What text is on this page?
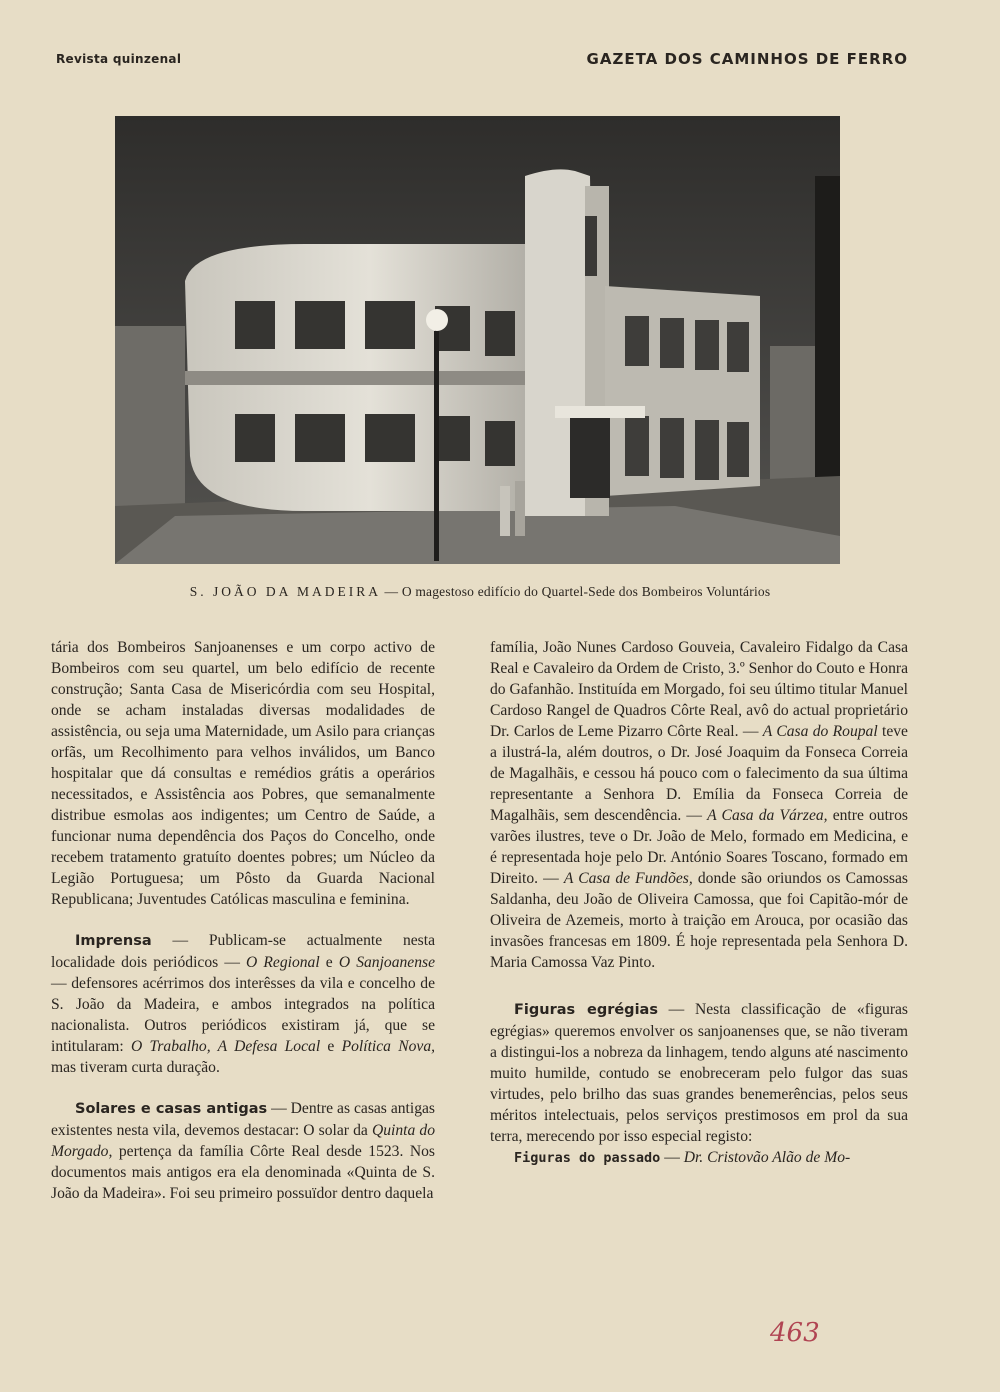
Revista quinzenal	GAZETA DOS CAMINHOS DE FERRO
S. JOÃO DA MADEIRA — O magestoso edifício do Quartel-Sede dos Bombeiros Voluntários

tária dos Bombeiros Sanjoanenses e um corpo activo de Bombeiros com seu quartel, um belo edifício de recente construção; Santa Casa de Misericórdia com seu Hospital, onde se acham instaladas diversas modalidades de assistência, ou seja uma Maternidade, um Asilo para crianças orfãs, um Recolhimento para velhos inválidos, um Banco hospitalar que dá consultas e remédios grátis a operários necessitados, e Assistência aos Pobres, que semanalmente distribue esmolas aos indigentes; um Centro de Saúde, a funcionar numa dependência dos Paços do Concelho, onde recebem tratamento gratuíto doentes pobres; um Núcleo da Legião Portuguesa; um Pôsto da Guarda Nacional Republicana; Juventudes Católicas masculina e feminina.

Imprensa — Publicam-se actualmente nesta localidade dois periódicos — O Regional e O Sanjoanense — defensores acérrimos dos interêsses da vila e concelho de S. João da Madeira, e ambos integrados na política nacionalista. Outros periódicos existiram já, que se intitularam: O Trabalho, A Defesa Local e Política Nova, mas tiveram curta duração.

Solares e casas antigas — Dentre as casas antigas existentes nesta vila, devemos destacar: O solar da Quinta do Morgado, pertença da família Côrte Real desde 1523. Nos documentos mais antigos era ela denominada «Quinta de S. João da Madeira». Foi seu primeiro possuïdor dentro daquela

família, João Nunes Cardoso Gouveia, Cavaleiro Fidalgo da Casa Real e Cavaleiro da Ordem de Cristo, 3.º Senhor do Couto e Honra do Gafanhão. Instituída em Morgado, foi seu último titular Manuel Cardoso Rangel de Quadros Côrte Real, avô do actual proprietário Dr. Carlos de Leme Pizarro Côrte Real. — A Casa do Roupal teve a ilustrá-la, além doutros, o Dr. José Joaquim da Fonseca Correia de Magalhãis, e cessou há pouco com o falecimento da sua última representante a Senhora D. Emília da Fonseca Correia de Magalhãis, sem descendência. — A Casa da Várzea, entre outros varões ilustres, teve o Dr. João de Melo, formado em Medicina, e é representada hoje pelo Dr. António Soares Toscano, formado em Direito. — A Casa de Fundões, donde são oriundos os Camossas Saldanha, deu João de Oliveira Camossa, que foi Capitão-mór de Oliveira de Azemeis, morto à traição em Arouca, por ocasião das invasões francesas em 1809. É hoje representada pela Senhora D. Maria Camossa Vaz Pinto.

Figuras egrégias — Nesta classificação de «figuras egrégias» queremos envolver os sanjoanenses que, se não tiveram a distingui-los a nobreza da linhagem, tendo alguns até nascimento muito humilde, contudo se enobreceram pelo fulgor das suas virtudes, pelo brilho das suas grandes benemerências, pelos seus méritos intelectuais, pelos serviços prestimosos em prol da sua terra, merecendo por isso especial registo:

Figuras do passado — Dr. Cristovão Alão de Mo-

463
